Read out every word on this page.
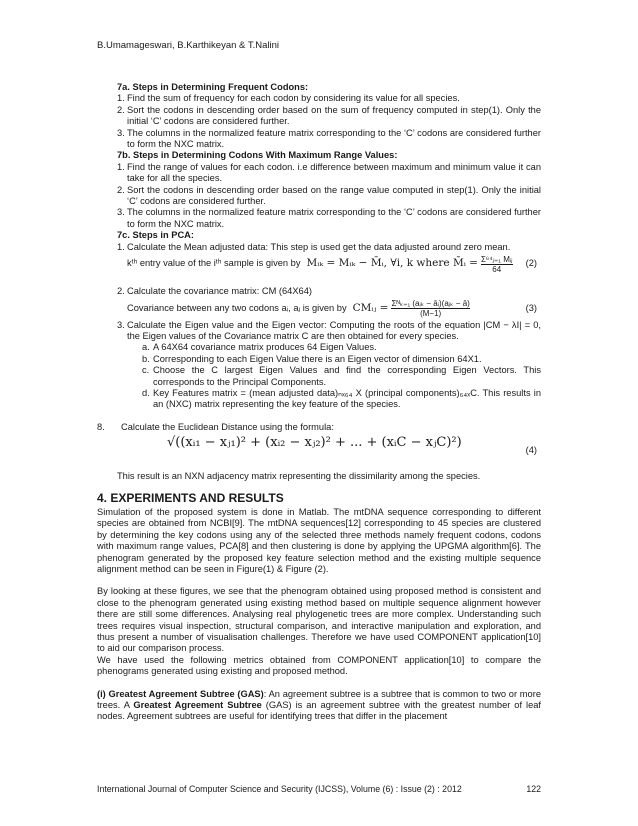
B.Umamageswari, B.Karthikeyan & T.Nalini
7a. Steps in Determining Frequent Codons:
1. Find the sum of frequency for each codon by considering its value for all species.
2. Sort the codons in descending order based on the sum of frequency computed in step(1). Only the initial ‘C’ codons are considered further.
3. The columns in the normalized feature matrix corresponding to the ‘C’ codons are considered further to form the NXC matrix.
7b. Steps in Determining Codons With Maximum Range Values:
1. Find the range of values for each codon. i.e difference between maximum and minimum value it can take for all the species.
2. Sort the codons in descending order based on the range value computed in step(1). Only the initial ‘C’ codons are considered further.
3. The columns in the normalized feature matrix corresponding to the ‘C’ codons are considered further to form the NXC matrix.
7c. Steps in PCA:
1. Calculate the Mean adjusted data: This step is used get the data adjusted around zero mean.
kᵗʰ entry value of the iᵗʰ sample is given by Mᵢₖ = Mᵢₖ − M̄ᵢ, ∀i, k where M̄ᵢ = $\frac{\text{Σ⁶⁴ⱼ₌₁ Mᵢⱼ}}{64} (2)$
2. Calculate the covariance matrix: CM (64X64)
Covariance between any two codons aᵢ, aⱼ is given by CMᵢⱼ = $\frac{\text{Σᴺₖ₌₁ (aᵢₖ − āᵢ)(aⱼₖ − ā)}}{(M-1)}$	(3)
3. Calculate the Eigen value and the Eigen vector: Computing the roots of the equation |CM − λI| = 0, the Eigen values of the Covariance matrix C are then obtained for every species.
a. A 64X64 covariance matrix produces 64 Eigen Values.
b. Corresponding to each Eigen Value there is an Eigen vector of dimension 64X1.
c. Choose the C largest Eigen Values and find the corresponding Eigen Vectors. This corresponds to the Principal Components.
d. Key Features matrix = (mean adjusted data)ₙₓ₆₄ X (principal components)₆₄ₓC. This results in an (NXC) matrix representing the key feature of the species.
8. Calculate the Euclidean Distance using the formula:
√((xᵢ₁ − xⱼ₁)² + (xᵢ₂ − xⱼ₂)² + ... + (xᵢC − xⱼC)²)	(4)

This result is an NXN adjacency matrix representing the dissimilarity among the species.

4. EXPERIMENTS AND RESULTS

Simulation of the proposed system is done in Matlab. The mtDNA sequence corresponding to different species are obtained from NCBI[9]. The mtDNA sequences[12] corresponding to 45 species are clustered by determining the key codons using any of the selected three methods namely frequent codons, codons with maximum range values, PCA[8] and then clustering is done by applying the UPGMA algorithm[6]. The phenogram generated by the proposed key feature selection method and the existing multiple sequence alignment method can be seen in Figure(1) & Figure (2).

By looking at these figures, we see that the phenogram obtained using proposed method is consistent and close to the phenogram generated using existing method based on multiple sequence alignment however there are still some differences. Analysing real phylogenetic trees are more complex. Understanding such trees requires visual inspection, structural comparison, and interactive manipulation and exploration, and thus present a number of visualisation challenges. Therefore we have used COMPONENT application[10] to aid our comparison process.

We have used the following metrics obtained from COMPONENT application[10] to compare the phenograms generated using existing and proposed method.

(i) Greatest Agreement Subtree (GAS): An agreement subtree is a subtree that is common to two or more trees. A Greatest Agreement Subtree (GAS) is an agreement subtree with the greatest number of leaf nodes. Agreement subtrees are useful for identifying trees that differ in the placement

International Journal of Computer Science and Security (IJCSS), Volume (6) : Issue (2) : 2012	122
